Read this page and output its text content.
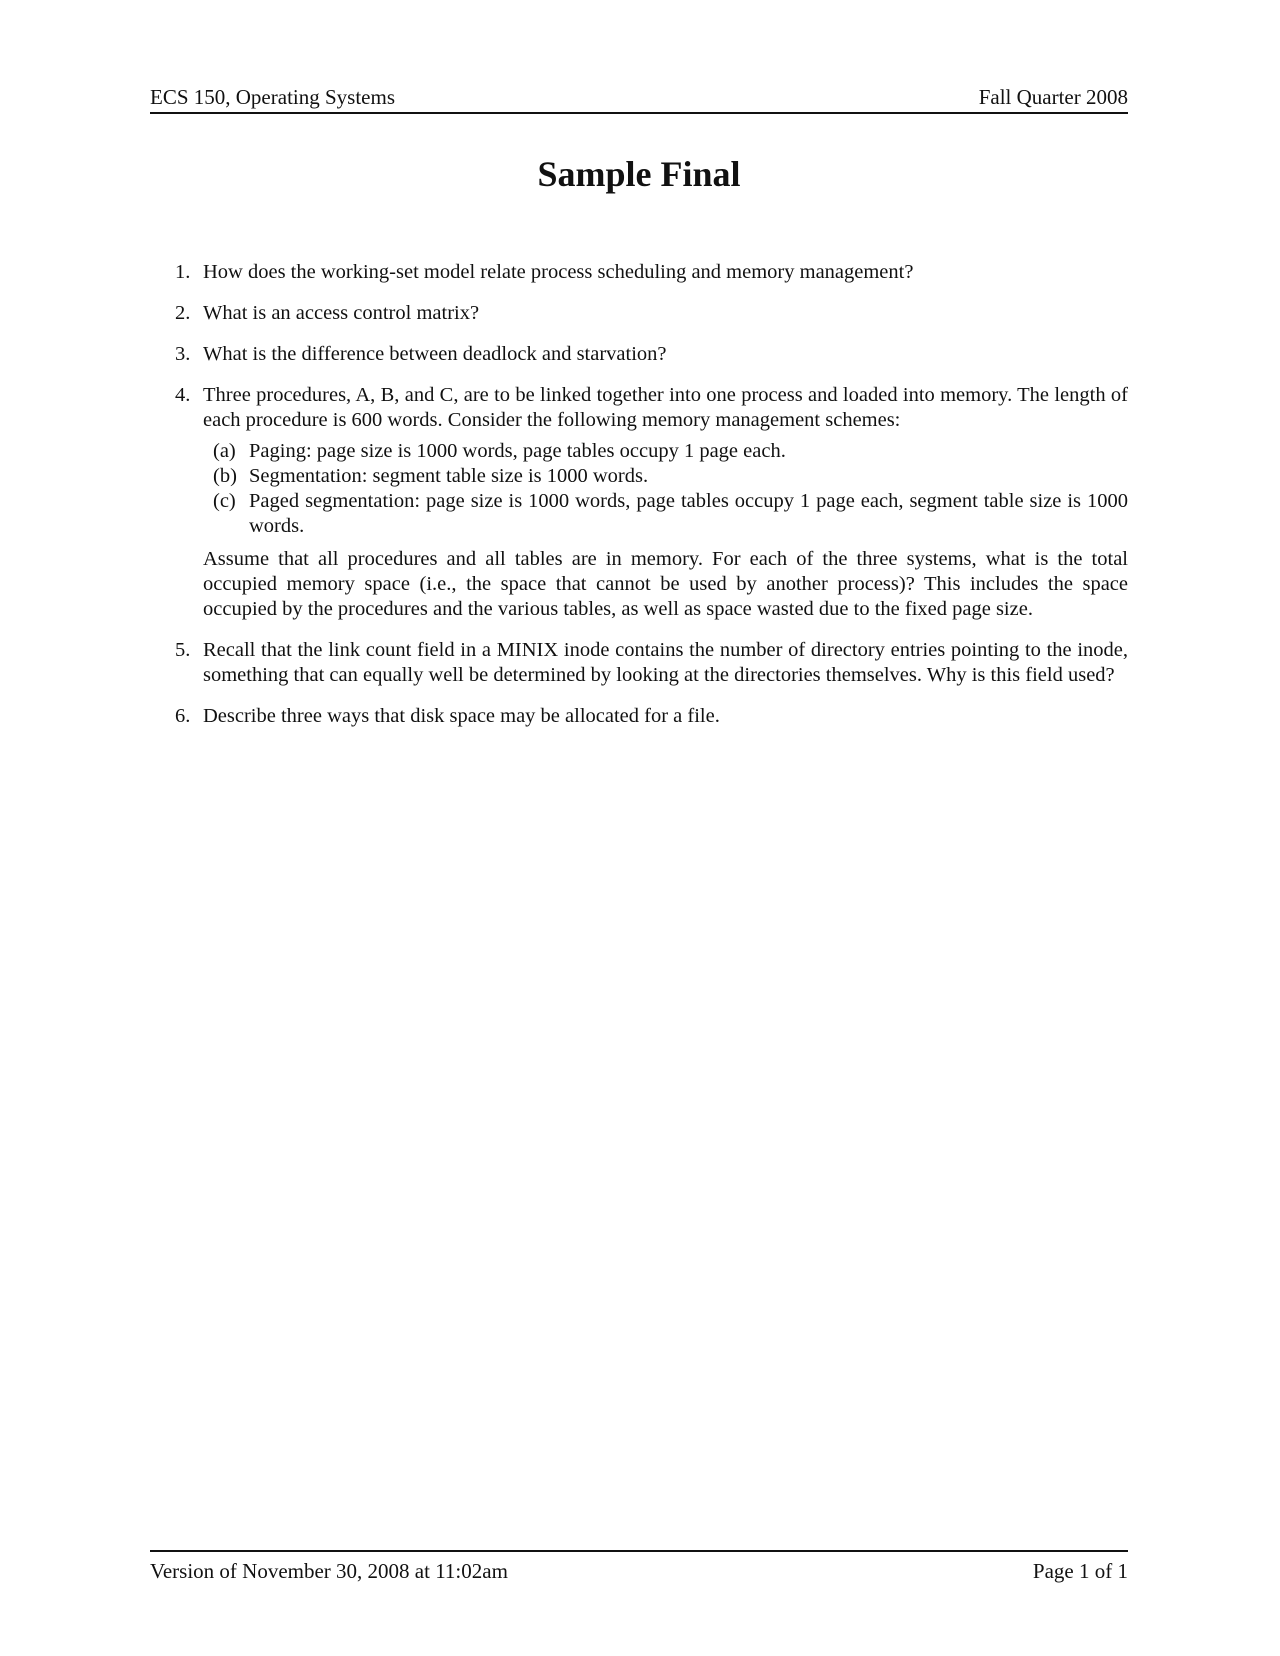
ECS 150, Operating Systems	Fall Quarter 2008
Sample Final
1. How does the working-set model relate process scheduling and memory management?
2. What is an access control matrix?
3. What is the difference between deadlock and starvation?
4. Three procedures, A, B, and C, are to be linked together into one process and loaded into memory. The length of each procedure is 600 words. Consider the following memory management schemes:
(a) Paging: page size is 1000 words, page tables occupy 1 page each.
(b) Segmentation: segment table size is 1000 words.
(c) Paged segmentation: page size is 1000 words, page tables occupy 1 page each, segment table size is 1000 words.
Assume that all procedures and all tables are in memory. For each of the three systems, what is the total occupied memory space (i.e., the space that cannot be used by another process)? This includes the space occupied by the procedures and the various tables, as well as space wasted due to the fixed page size.
5. Recall that the link count field in a MINIX inode contains the number of directory entries pointing to the inode, something that can equally well be determined by looking at the directories themselves. Why is this field used?
6. Describe three ways that disk space may be allocated for a file.
Version of November 30, 2008 at 11:02am	Page 1 of 1
